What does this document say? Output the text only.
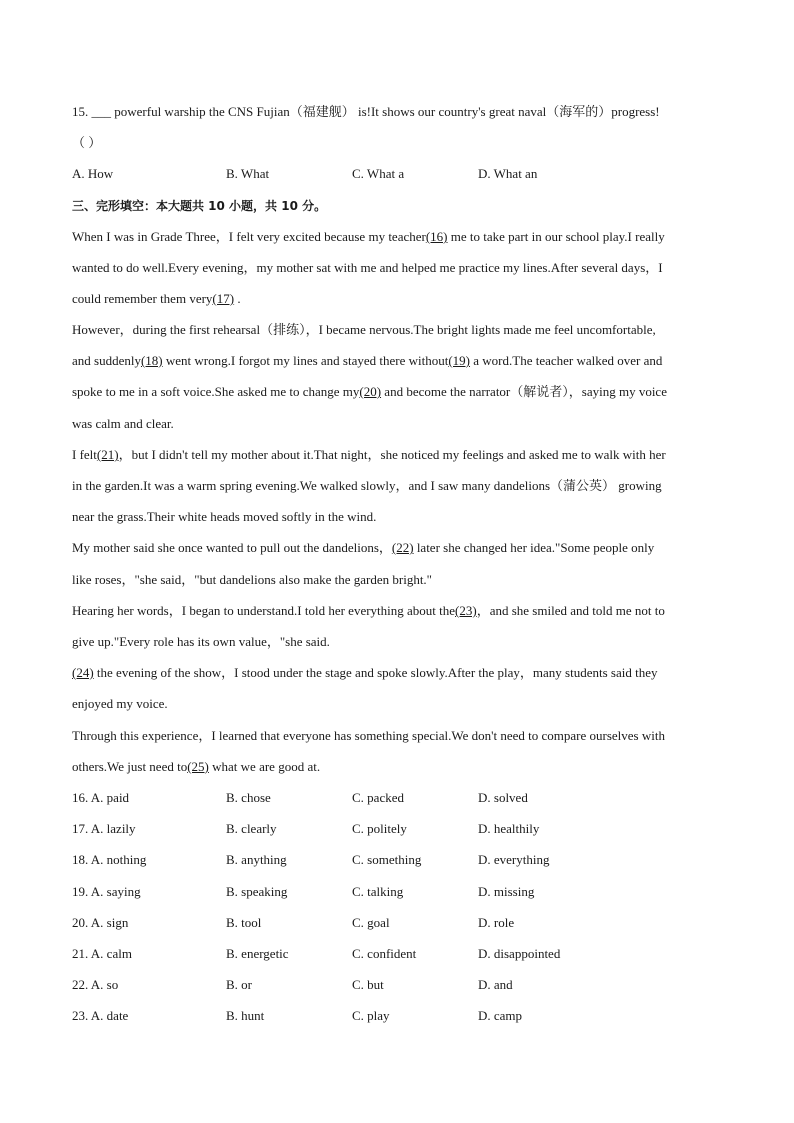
15. ___ powerful warship the CNS Fujian（福建舰） is!It shows our country's great naval（海军的）progress!
（ ）
A. How	B. What	C. What a	D. What an
三、完形填空：本大题共 10 小题，共 10 分。
When I was in Grade Three，I felt very excited because my teacher(16) me to take part in our school play.I really
wanted to do well.Every evening，my mother sat with me and helped me practice my lines.After several days，I
could remember them very(17) .
However，during the first rehearsal（排练），I became nervous.The bright lights made me feel uncomfortable,
and suddenly(18) went wrong.I forgot my lines and stayed there without(19) a word.The teacher walked over and
spoke to me in a soft voice.She asked me to change my(20) and become the narrator（解说者），saying my voice
was calm and clear.
I felt(21)，but I didn't tell my mother about it.That night，she noticed my feelings and asked me to walk with her
in the garden.It was a warm spring evening.We walked slowly，and I saw many dandelions（蒲公英） growing
near the grass.Their white heads moved softly in the wind.
My mother said she once wanted to pull out the dandelions，(22) later she changed her idea."Some people only
like roses，"she said，"but dandelions also make the garden bright."
Hearing her words，I began to understand.I told her everything about the(23)，and she smiled and told me not to
give up."Every role has its own value，"she said.
(24) the evening of the show，I stood under the stage and spoke slowly.After the play，many students said they
enjoyed my voice.
Through this experience，I learned that everyone has something special.We don't need to compare ourselves with
others.We just need to(25) what we are good at.
16. A. paid	B. chose	C. packed	D. solved
17. A. lazily	B. clearly	C. politely	D. healthily
18. A. nothing	B. anything	C. something	D. everything
19. A. saying	B. speaking	C. talking	D. missing
20. A. sign	B. tool	C. goal	D. role
21. A. calm	B. energetic	C. confident	D. disappointed
22. A. so	B. or	C. but	D. and
23. A. date	B. hunt	C. play	D. camp
